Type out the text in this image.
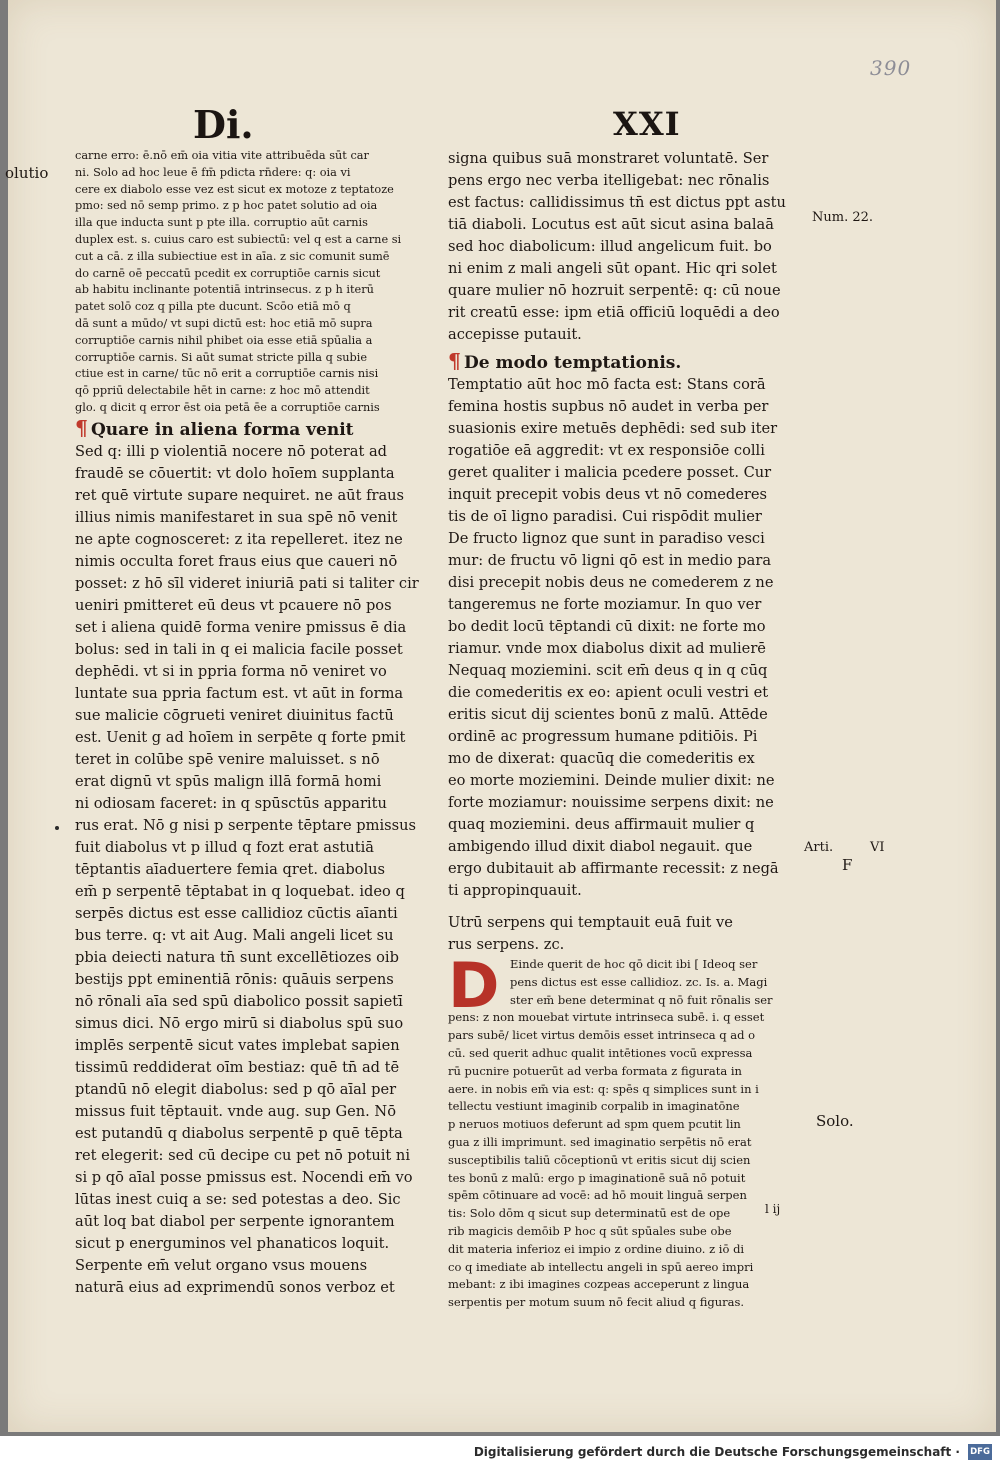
390
Di.	XXI
olutio
Num. 22.
Arti.	VI
F
Solo.
carne erro: ē.nō em̄ oia vitia vite attribuēda sūt car
ni. Solo ad hoc leue ē fm̄ pdicta rn̄dere: q: oia vi
cere ex diabolo esse vez est sicut ex motoze z teptatoze
pmo: sed nō semp primo. z p hoc patet solutio ad oia
illa que inducta sunt p pte illa. corruptio aūt carnis
duplex est. s. cuius caro est subiectū: vel q est a carne si
cut a cā. z illa subiectiue est in aīa. z sic comunit sumē
do carnē oē peccatū pcedit ex corruptiōe carnis sicut
ab habitu inclinante potentiā intrinsecus. z p h iterū
patet solō coz q pilla pte ducunt. Scōo etiā mō q
dā sunt a mūdo/ vt supi dictū est: hoc etiā mō supra
corruptiōe carnis nihil phibet oia esse etiā spūalia a
corruptiōe carnis. Si aūt sumat stricte pilla q subie
ctiue est in carne/ tūc nō erit a corruptiōe carnis nisi
qō ppriū delectabile hēt in carne: z hoc mō attendit
glo. q dicit q error ēst oia petā ēe a corruptiōe carnis
¶ Quare in aliena forma venit
Sed q: illi p violentiā nocere nō poterat ad
fraudē se cōuertit: vt dolo hoīem supplanta
ret quē virtute supare nequiret. ne aūt fraus
illius nimis manifestaret in sua spē nō venit
ne apte cognosceret: z ita repelleret. itez ne
nimis occulta foret fraus eius que caueri nō
posset: z hō sīl videret iniuriā pati si taliter cir
ueniri pmitteret eū deus vt pcauere nō pos
set i aliena quidē forma venire pmissus ē dia
bolus: sed in tali in q ei malicia facile posset
dephēdi. vt si in ppria forma nō veniret vo
luntate sua ppria factum est. vt aūt in forma
sue malicie cōgrueti veniret diuinitus factū
est. Uenit g ad hoīem in serpēte q forte pmit
teret in colūbe spē venire maluisset. s nō
erat dignū vt spūs malign illā formā homi
ni odiosam faceret: in q spūsctūs apparitu
rus erat. Nō g nisi p serpente tēptare pmissus
fuit diabolus vt p illud q fozt erat astutiā
tēptantis aīaduertere femia qret. diabolus
em̄ p serpentē tēptabat in q loquebat. ideo q
serpēs dictus est esse callidioz cūctis aīanti
bus terre. q: vt ait Aug. Mali angeli licet su
pbia deiecti natura tn̄ sunt excellētiozes oib
bestijs ppt eminentiā rōnis: quāuis serpens
nō rōnali aīa sed spū diabolico possit sapietī
simus dici. Nō ergo mirū si diabolus spū suo
implēs serpentē sicut vates implebat sapien
tissimū reddiderat oīm bestiaz: quē tn̄ ad tē
ptandū nō elegit diabolus: sed p qō aīal per
missus fuit tēptauit. vnde aug. sup Gen. Nō
est putandū q diabolus serpentē p quē tēpta
ret elegerit: sed cū decipe cu pet nō potuit ni
si p qō aīal posse pmissus est. Nocendi em̄ vo
lūtas inest cuiq a se: sed potestas a deo. Sic
aūt loq bat diabol per serpente ignorantem
sicut p energuminos vel phanaticos loquit.
Serpente em̄ velut organo vsus mouens
naturā eius ad exprimendū sonos verboz et
signa quibus suā monstraret voluntatē. Ser
pens ergo nec verba itelligebat: nec rōnalis
est factus: callidissimus tn̄ est dictus ppt astu
tiā diaboli. Locutus est aūt sicut asina balaā
sed hoc diabolicum: illud angelicum fuit. bo
ni enim z mali angeli sūt opant. Hic qri solet
quare mulier nō hozruit serpentē: q: cū noue
rit creatū esse: ipm etiā officiū loquēdi a deo
accepisse putauit.
¶ De modo temptationis.
Temptatio aūt hoc mō facta est: Stans corā
femina hostis supbus nō audet in verba per
suasionis exire metuēs dephēdi: sed sub iter
rogatiōe eā aggredit: vt ex responsiōe colli
geret qualiter i malicia pcedere posset. Cur
inquit precepit vobis deus vt nō comederes
tis de oī ligno paradisi. Cui rispōdit mulier
De fructo lignoz que sunt in paradiso vesci
mur: de fructu vō ligni qō est in medio para
disi precepit nobis deus ne comederem z ne
tangeremus ne forte moziamur. In quo ver
bo dedit locū tēptandi cū dixit: ne forte mo
riamur. vnde mox diabolus dixit ad mulierē
Nequaq moziemini. scit em̄ deus q in q cūq
die comederitis ex eo: apient oculi vestri et
eritis sicut dij scientes bonū z malū. Attēde
ordinē ac progressum humane pditiōis. Pi
mo de dixerat: quacūq die comederitis ex
eo morte moziemini. Deinde mulier dixit: ne
forte moziamur: nouissime serpens dixit: ne
quaq moziemini. deus affirmauit mulier q
ambigendo illud dixit diabol negauit. que
ergo dubitauit ab affirmante recessit: z negā
ti appropinquauit.
Utrū serpens qui temptauit euā fuit ve
rus serpens. zc.
D Einde querit de hoc qō dicit ibi [ Ideoq ser
pens dictus est esse callidioz. zc. Is. a. Magi
ster em̄ bene determinat q nō fuit rōnalis ser
pens: z non mouebat virtute intrinseca subē. i. q esset
pars subē/ licet virtus demōis esset intrinseca q ad o
cū. sed querit adhuc qualit intētiones vocū expressa
rū pucnire potuerūt ad verba formata z figurata in
aere. in nobis em̄ via est: q: spēs q simplices sunt in i
tellectu vestiunt imaginib corpalib in imaginatōne
p neruos motiuos deferunt ad spm quem pcutit lin
gua z illi imprimunt. sed imaginatio serpētis nō erat
susceptibilis taliū cōceptionū vt eritis sicut dij scien
tes bonū z malū: ergo p imaginationē suā nō potuit
spēm cōtinuare ad vocē: ad hō mouit linguā serpen
tis: Solo dōm q sicut sup determinatū est de ope
rib magicis demōib P hoc q sūt spūales sube obe
dit materia inferioz ei impio z ordine diuino. z iō di
co q imediate ab intellectu angeli in spū aereo impri
mebant: z ibi imagines cozpeas acceperunt z lingua
serpentis per motum suum nō fecit aliud q figuras.
l ij
Digitalisierung gefördert durch die Deutsche Forschungsgemeinschaft · DFG
